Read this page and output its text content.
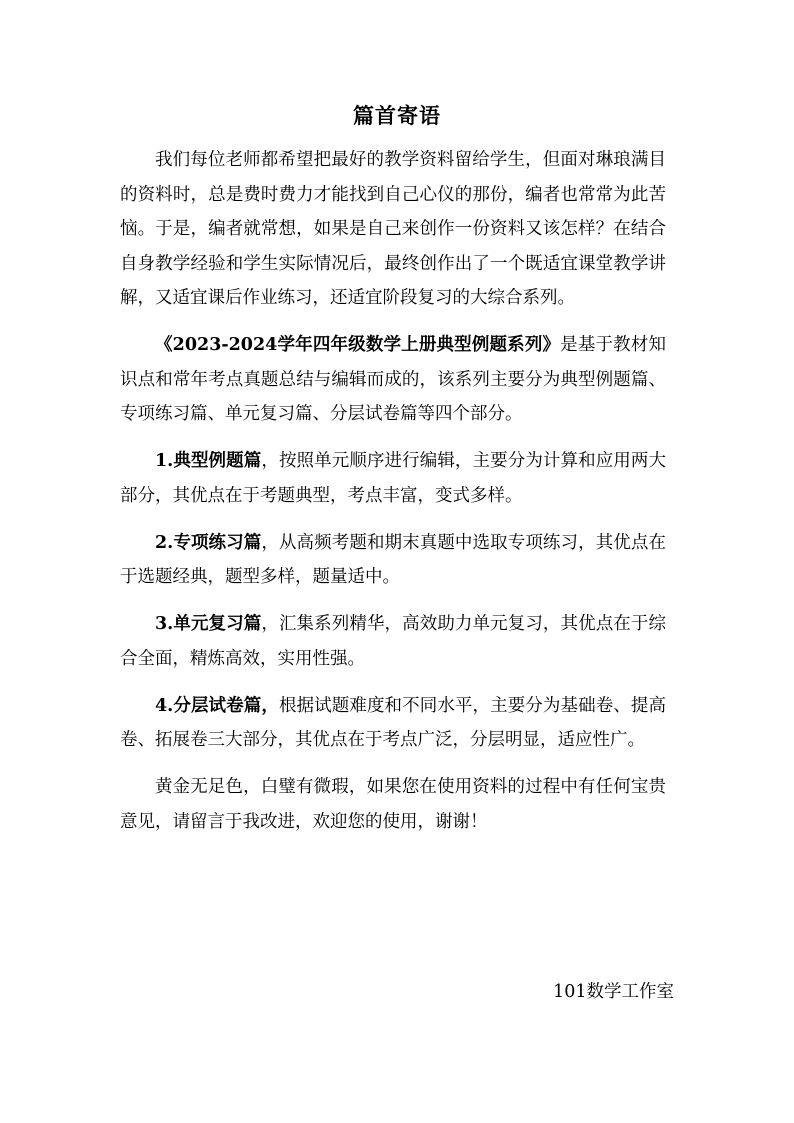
篇首寄语

我们每位老师都希望把最好的教学资料留给学生，但面对琳琅满目的资料时，总是费时费力才能找到自己心仪的那份，编者也常常为此苦恼。于是，编者就常想，如果是自己来创作一份资料又该怎样？在结合自身教学经验和学生实际情况后，最终创作出了一个既适宜课堂教学讲解，又适宜课后作业练习，还适宜阶段复习的大综合系列。

《2023-2024学年四年级数学上册典型例题系列》是基于教材知识点和常年考点真题总结与编辑而成的，该系列主要分为典型例题篇、专项练习篇、单元复习篇、分层试卷篇等四个部分。

1.典型例题篇，按照单元顺序进行编辑，主要分为计算和应用两大部分，其优点在于考题典型，考点丰富，变式多样。

2.专项练习篇，从高频考题和期末真题中选取专项练习，其优点在于选题经典，题型多样，题量适中。

3.单元复习篇，汇集系列精华，高效助力单元复习，其优点在于综合全面，精炼高效，实用性强。

4.分层试卷篇，根据试题难度和不同水平，主要分为基础卷、提高卷、拓展卷三大部分，其优点在于考点广泛，分层明显，适应性广。

黄金无足色，白璧有微瑕，如果您在使用资料的过程中有任何宝贵意见，请留言于我改进，欢迎您的使用，谢谢！

101数学工作室
